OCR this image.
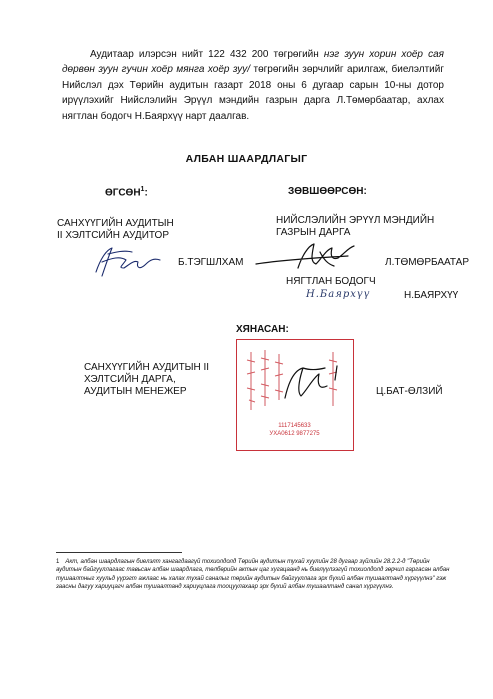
Аудитаар илэрсэн нийт 122 432 200 төгрөгийн нэг зуун хорин хоёр сая дөрвөн зуун гучин хоёр мянга хоёр зуу/ төгрөгийн зөрчлийг арилгаж, биелэлтийг Нийслэл дэх Төрийн аудитын газарт 2018 оны 6 дугаар сарын 10-ны дотор ирүүлэхийг Нийслэлийн Эрүүл мэндийн газрын дарга Л.Төмөрбаатар, ахлах нягтлан бодогч Н.Баярхүү нарт даалгав.

АЛБАН ШААРДЛАГЫГ
ӨГСӨН$^1$:
САНХҮҮГИЙН АУДИТЫН
II ХЭЛТСИЙН АУДИТОР
Б.ТЭГШЛХАМ
ЗӨВШӨӨРСӨН:
НИЙСЛЭЛИЙН ЭРҮҮЛ МЭНДИЙН
ГАЗРЫН ДАРГА
Л.ТӨМӨРБААТАР
НЯГТЛАН БОДОГЧ
Н.Баярхүү	Н.БАЯРХҮҮ
ХЯНАСАН:
САНХҮҮГИЙН АУДИТЫН II
ХЭЛТСИЙН ДАРГА,
АУДИТЫН МЕНЕЖЕР
1117145633
УХА0612 9877275
Ц.БАТ-ӨЛЗИЙ
$^1$ Акт, албан шаардлагын биелэлт хангагдаагүй тохиолдолд Төрийн аудитын тухай хуулийн 28 дугаар зүйлийн 28.2.2-д "Төрийн аудитын байгууллагаас тавьсан албан шаардлага, төлбөрийн актын цаг хугацаанд нь биелүүлээгүй тохиолдолд зөрчил гаргасан албан тушаалтныг хуульд үүрэгт ажлаас нь халах тухай саналыг төрийн аудитын байгууллага эрх бүхий албан тушаалтанд хүргүүлнэ" гэж заасны дагуу хариуцагч албан тушаалтанд хариуцлага тооцуулахаар эрх бүхий албан тушаалтанд санал хүргүүлнэ.
